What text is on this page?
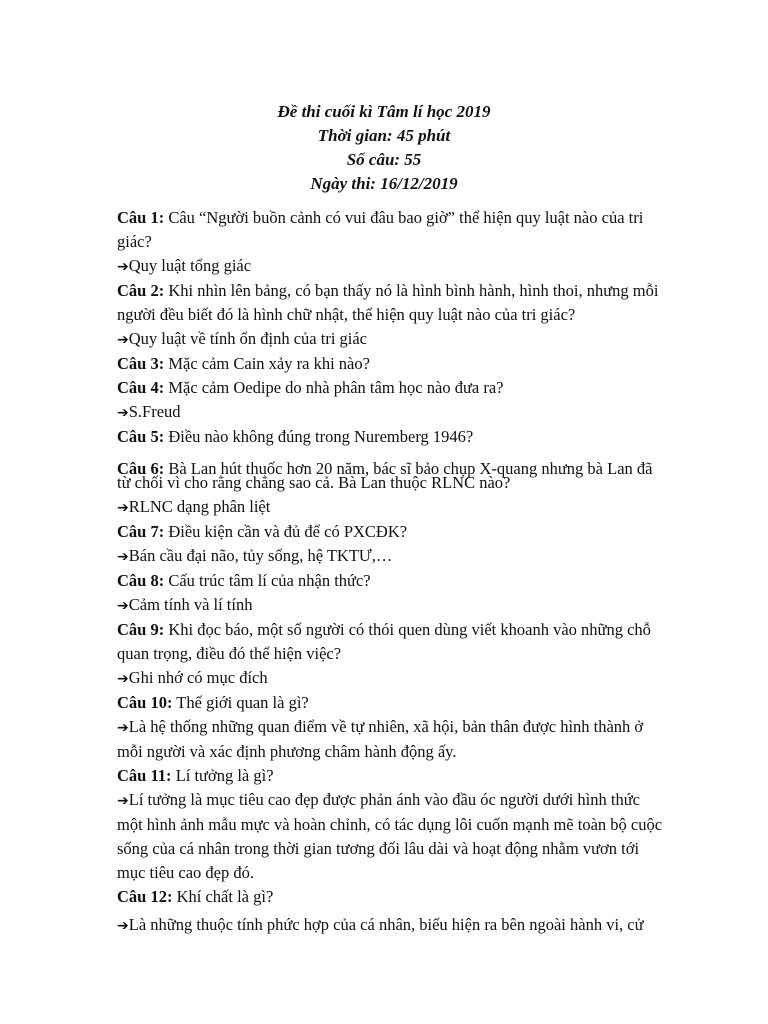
Đề thi cuối kì Tâm lí học 2019
Thời gian: 45 phút
Số câu: 55
Ngày thi: 16/12/2019
Câu 1: Câu “Người buồn cảnh có vui đâu bao giờ” thể hiện quy luật nào của tri
giác?
➔Quy luật tổng giác
Câu 2: Khi nhìn lên bảng, có bạn thấy nó là hình bình hành, hình thoi, nhưng mỗi
người đều biết đó là hình chữ nhật, thể hiện quy luật nào của tri giác?
➔Quy luật về tính ổn định của tri giác
Câu 3: Mặc cảm Cain xảy ra khi nào?
Câu 4: Mặc cảm Oedipe do nhà phân tâm học nào đưa ra?
➔S.Freud
Câu 5: Điều nào không đúng trong Nuremberg 1946?
Câu 6: Bà Lan hút thuốc hơn 20 năm, bác sĩ bảo chụp X-quang nhưng bà Lan đã
từ chối vì cho rằng chẳng sao cả. Bà Lan thuộc RLNC nào?
➔RLNC dạng phân liệt
Câu 7: Điều kiện cần và đủ để có PXCĐK?
➔Bán cầu đại não, tủy sống, hệ TKTƯ,…
Câu 8: Cấu trúc tâm lí của nhận thức?
➔Cảm tính và lí tính
Câu 9: Khi đọc báo, một số người có thói quen dùng viết khoanh vào những chỗ
quan trọng, điều đó thể hiện việc?
➔Ghi nhớ có mục đích
Câu 10: Thế giới quan là gì?
➔Là hệ thống những quan điểm về tự nhiên, xã hội, bản thân được hình thành ở
mỗi người và xác định phương châm hành động ấy.
Câu 11: Lí tưởng là gì?
➔Lí tưởng là mục tiêu cao đẹp được phản ánh vào đầu óc người dưới hình thức
một hình ảnh mẫu mực và hoàn chỉnh, có tác dụng lôi cuốn mạnh mẽ toàn bộ cuộc
sống của cá nhân trong thời gian tương đối lâu dài và hoạt động nhằm vươn tới
mục tiêu cao đẹp đó.
Câu 12: Khí chất là gì?
➔Là những thuộc tính phức hợp của cá nhân, biểu hiện ra bên ngoài hành vi, cử
